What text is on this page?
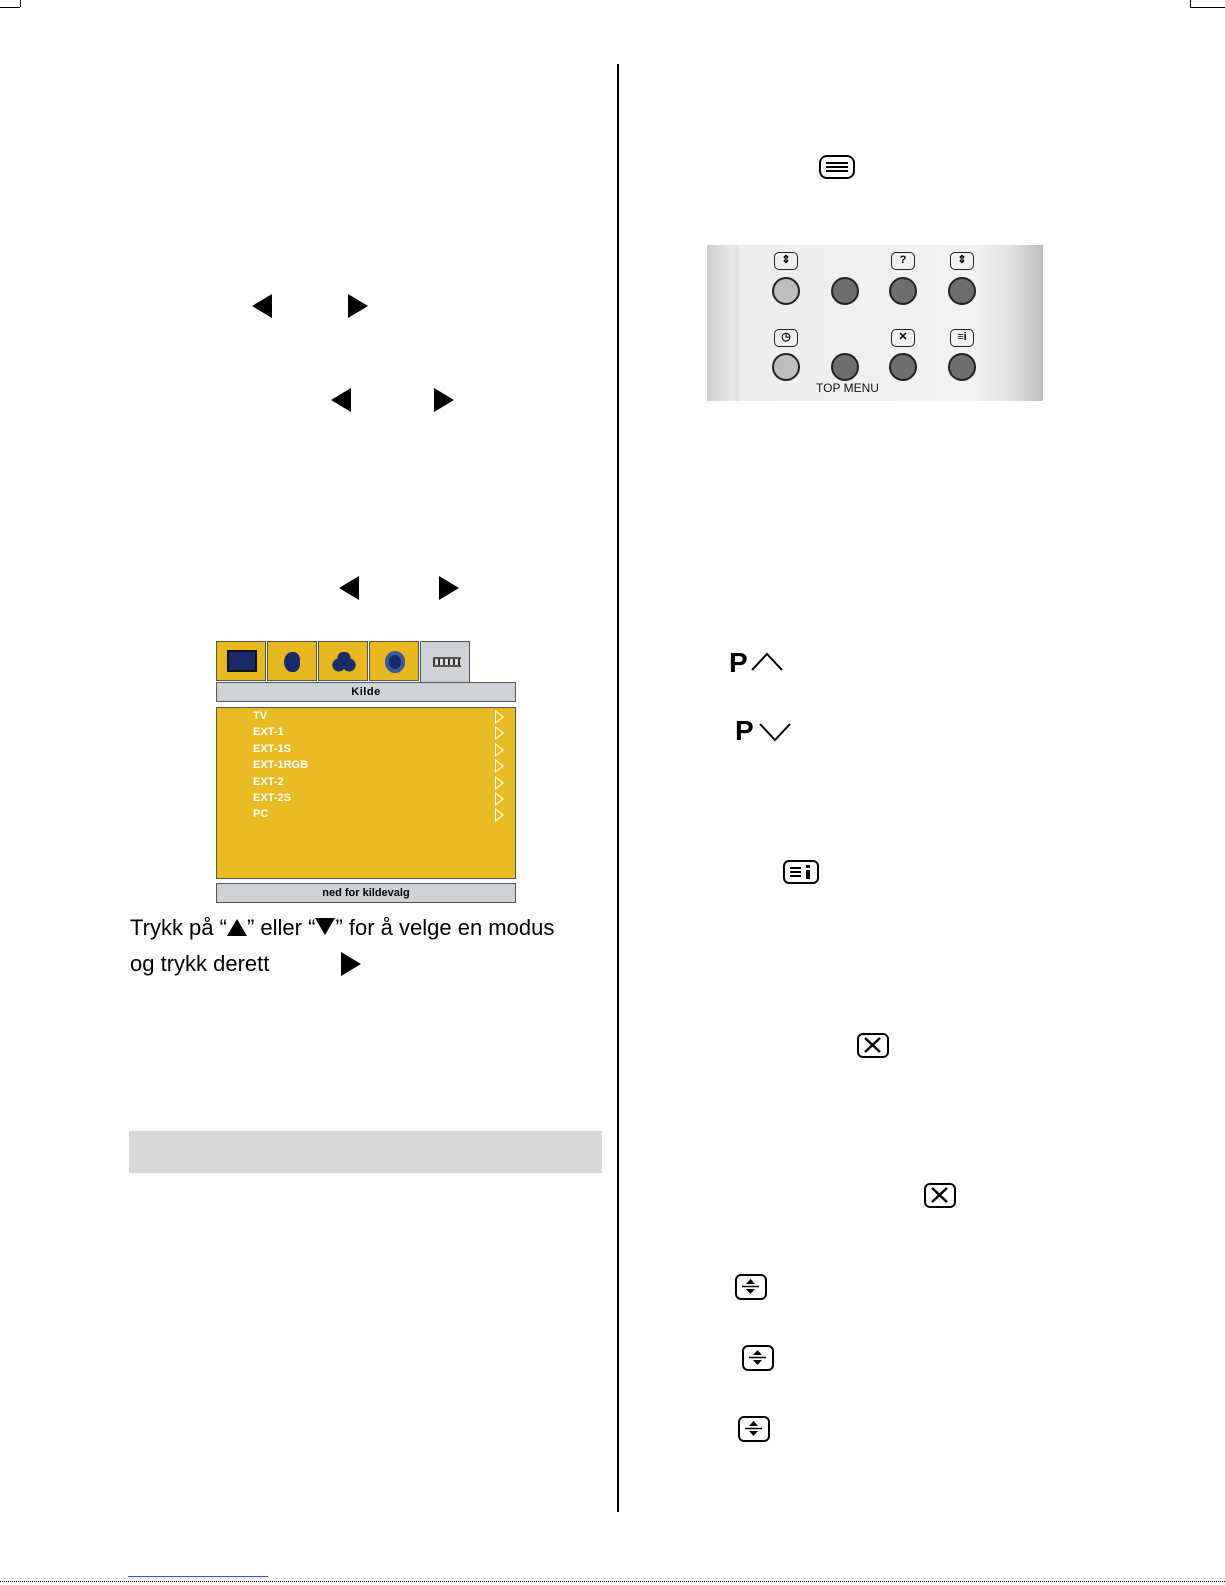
Kilde
TV
EXT-1
EXT-1S
EXT-1RGB
EXT-2
EXT-2S
PC
ned for kildevalg
Trykk på “ ” eller “ ” for å velge en modus
og trykk derett
⇕	?	⇕
◷	✕	≡i
TOP MENU
P
P
